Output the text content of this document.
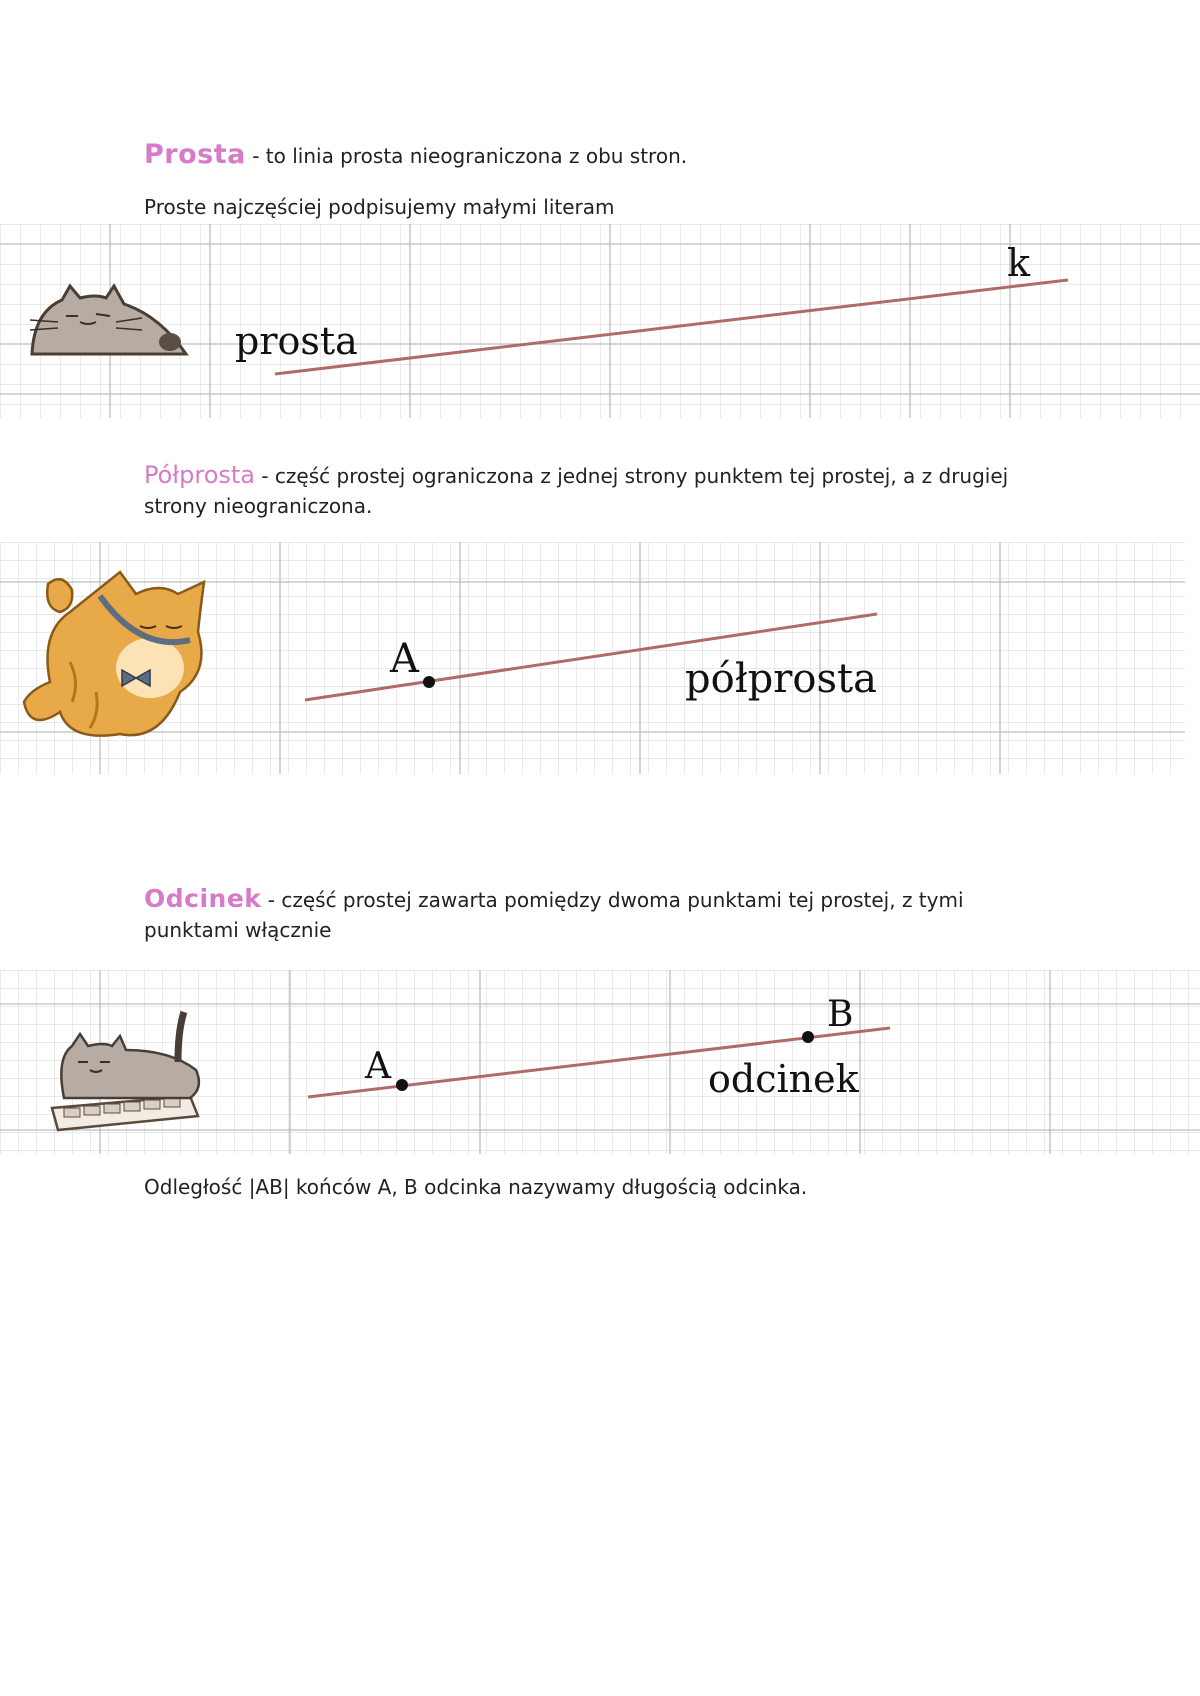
Prosta - to linia prosta nieograniczona z obu stron.
Proste najczęściej podpisujemy małymi literam
prosta
k
Półprosta - część prostej ograniczona z jednej strony punktem tej prostej, a z drugiej strony nieograniczona.
A	półprosta
Odcinek - część prostej zawarta pomiędzy dwoma punktami tej prostej, z tymi punktami włącznie
A
B
odcinek
Odległość |AB| końców A, B odcinka nazywamy długością odcinka.
